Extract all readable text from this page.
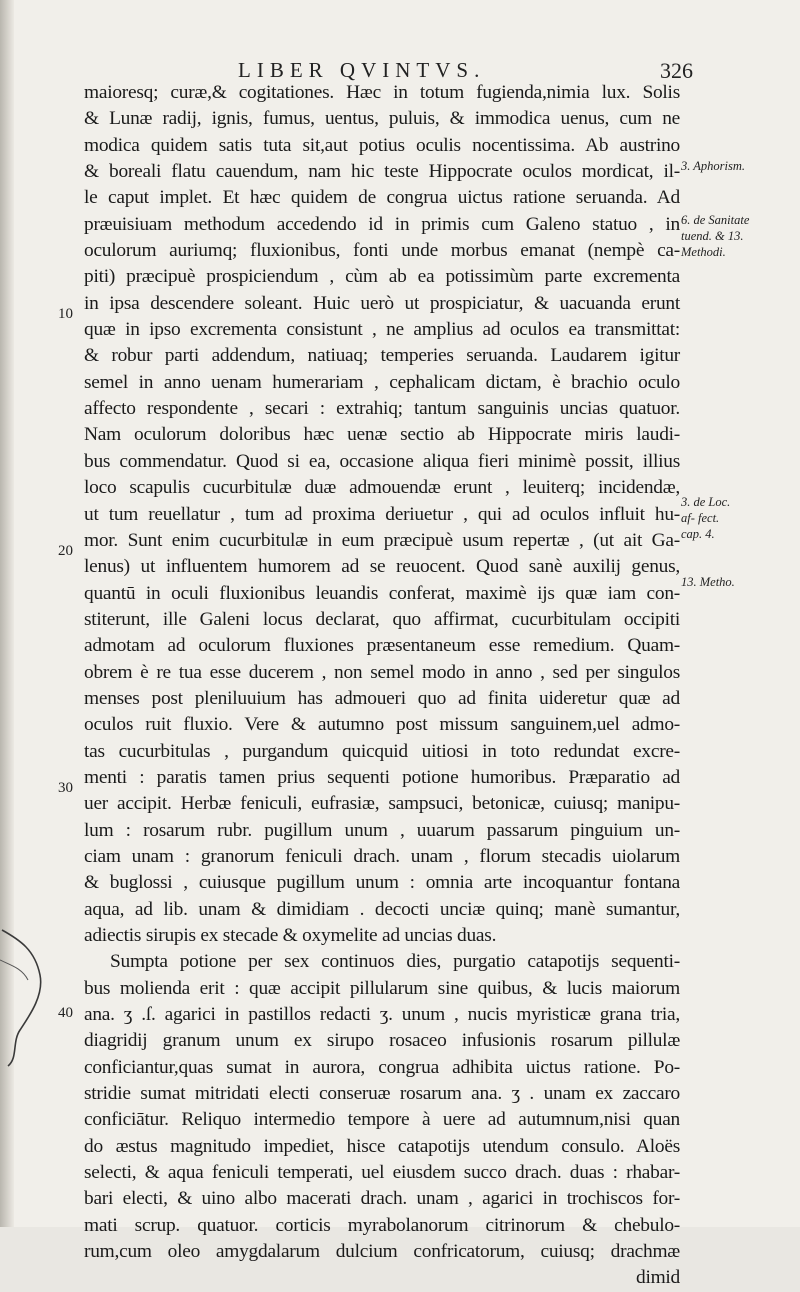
LIBER QVINTVS.	326
maioresq; curæ,& cogitationes. Hæc in totum fugienda,nimia lux. Solis
& Lunæ radij, ignis, fumus, uentus, puluis, & immodica uenus, cum ne
modica quidem satis tuta sit,aut potius oculis nocentissima. Ab austrino
& boreali flatu cauendum, nam hic teste Hippocrate oculos mordicat, il-
le caput implet. Et hæc quidem de congrua uictus ratione seruanda. Ad
præuisiuam methodum accedendo id in primis cum Galeno statuo , in
oculorum auriumq; fluxionibus, fonti unde morbus emanat (nempè ca-
piti) præcipuè prospiciendum , cùm ab ea potissimùm parte excrementa
in ipsa descendere soleant. Huic uerò ut prospiciatur, & uacuanda erunt
quæ in ipso excrementa consistunt , ne amplius ad oculos ea transmittat:
& robur parti addendum, natiuaq; temperies seruanda. Laudarem igitur
semel in anno uenam humerariam , cephalicam dictam, è brachio oculo
affecto respondente , secari : extrahiq; tantum sanguinis uncias quatuor.
Nam oculorum doloribus hæc uenæ sectio ab Hippocrate miris laudi-
bus commendatur. Quod si ea, occasione aliqua fieri minimè possit, illius
loco scapulis cucurbitulæ duæ admouendæ erunt , leuiterq; incidendæ,
ut tum reuellatur , tum ad proxima deriuetur , qui ad oculos influit hu-
mor. Sunt enim cucurbitulæ in eum præcipuè usum repertæ , (ut ait Ga-
lenus) ut influentem humorem ad se reuocent. Quod sanè auxilij genus,
quantū in oculi fluxionibus leuandis conferat, maximè ijs quæ iam con-
stiterunt, ille Galeni locus declarat, quo affirmat, cucurbitulam occipiti
admotam ad oculorum fluxiones præsentaneum esse remedium. Quam-
obrem è re tua esse ducerem , non semel modo in anno , sed per singulos
menses post pleniluuium has admoueri quo ad finita uideretur quæ ad
oculos ruit fluxio. Vere & autumno post missum sanguinem,uel admo-
tas cucurbitulas , purgandum quicquid uitiosi in toto redundat excre-
menti : paratis tamen prius sequenti potione humoribus. Præparatio ad
uer accipit. Herbæ feniculi, eufrasiæ, sampsuci, betonicæ, cuiusq; manipu-
lum : rosarum rubr. pugillum unum , uuarum passarum pinguium un-
ciam unam : granorum feniculi drach. unam , florum stecadis uiolarum
& buglossi , cuiusque pugillum unum : omnia arte incoquantur fontana
aqua, ad lib. unam & dimidiam . decocti unciæ quinq; manè sumantur,
adiectis sirupis ex stecade & oxymelite ad uncias duas.
Sumpta potione per sex continuos dies, purgatio catapotijs sequenti-
bus molienda erit : quæ accipit pillularum sine quibus, & lucis maiorum
ana. ʒ .ſ. agarici in pastillos redacti ʒ. unum , nucis myristicæ grana tria,
diagridij granum unum ex sirupo rosaceo infusionis rosarum pillulæ
conficiantur,quas sumat in aurora, congrua adhibita uictus ratione. Po-
stridie sumat mitridati electi conseruæ rosarum ana. ʒ . unam ex zaccaro
conficiātur. Reliquo intermedio tempore à uere ad autumnum,nisi quan
do æstus magnitudo impediet, hisce catapotijs utendum consulo. Aloës
selecti, & aqua feniculi temperati, uel eiusdem succo drach. duas : rhabar-
bari electi, & uino albo macerati drach. unam , agarici in trochiscos for-
mati scrup. quatuor. corticis myrabolanorum citrinorum & chebulo-
rum,cum oleo amygdalarum dulcium confricatorum, cuiusq; drachmæ
dimid
10
20
30
40
3. Aphorism.
6. de Sanitate tuend. & 13. Methodi.
3. de Loc. af- fect. cap. 4.
13. Metho.
